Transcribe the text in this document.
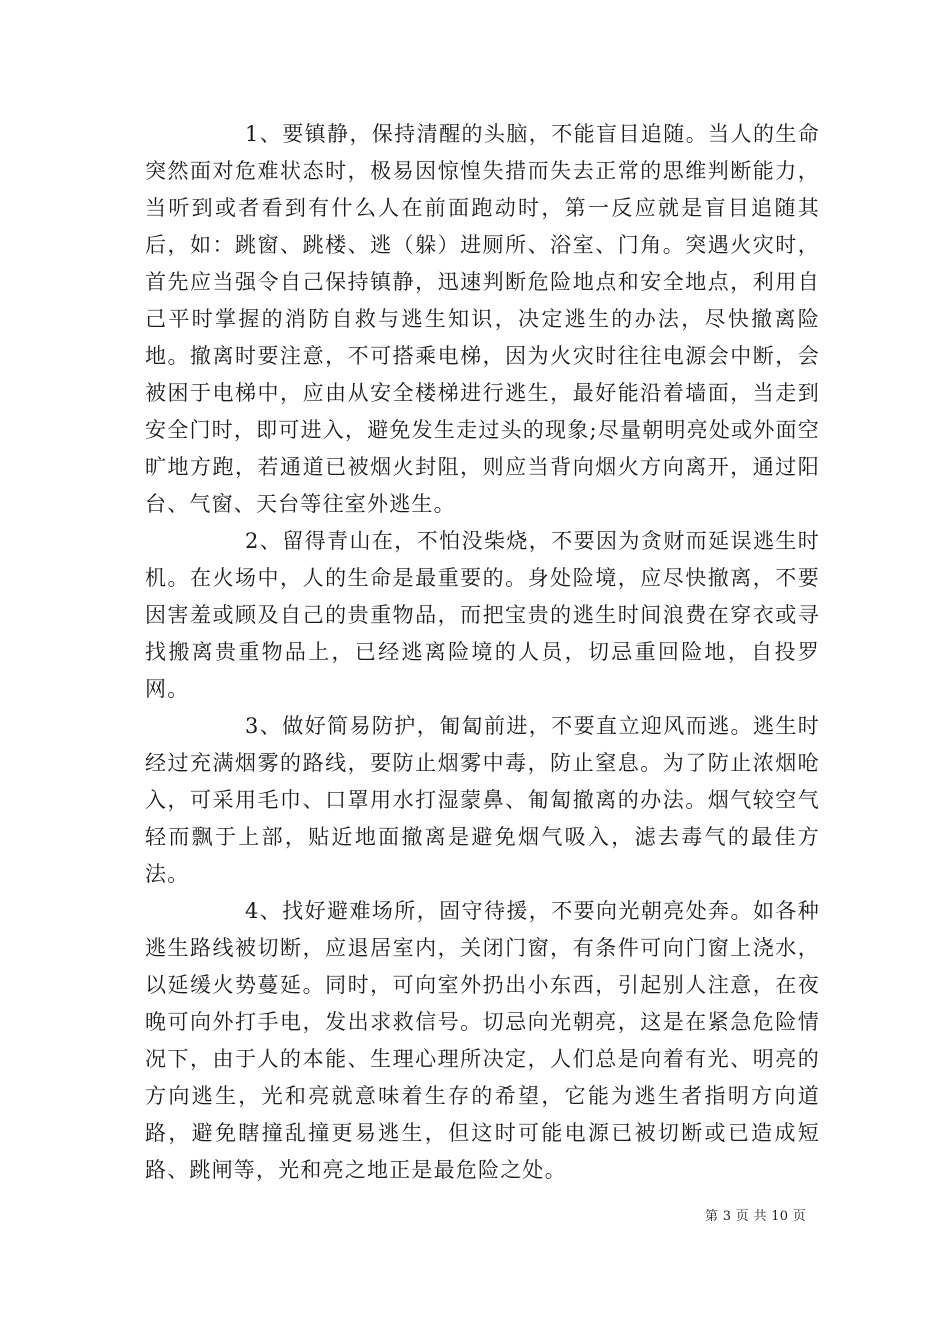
1、要镇静，保持清醒的头脑，不能盲目追随。当人的生命突然面对危难状态时，极易因惊惶失措而失去正常的思维判断能力，当听到或者看到有什么人在前面跑动时，第一反应就是盲目追随其后，如：跳窗、跳楼、逃（躲）进厕所、浴室、门角。突遇火灾时，首先应当强令自己保持镇静，迅速判断危险地点和安全地点，利用自己平时掌握的消防自救与逃生知识，决定逃生的办法，尽快撤离险地。撤离时要注意，不可搭乘电梯，因为火灾时往往电源会中断，会被困于电梯中，应由从安全楼梯进行逃生，最好能沿着墙面，当走到安全门时，即可进入，避免发生走过头的现象;尽量朝明亮处或外面空旷地方跑，若通道已被烟火封阻，则应当背向烟火方向离开，通过阳台、气窗、天台等往室外逃生。

2、留得青山在，不怕没柴烧，不要因为贪财而延误逃生时机。在火场中，人的生命是最重要的。身处险境，应尽快撤离，不要因害羞或顾及自己的贵重物品，而把宝贵的逃生时间浪费在穿衣或寻找搬离贵重物品上，已经逃离险境的人员，切忌重回险地，自投罗网。

3、做好简易防护，匍匐前进，不要直立迎风而逃。逃生时经过充满烟雾的路线，要防止烟雾中毒，防止窒息。为了防止浓烟呛入，可采用毛巾、口罩用水打湿蒙鼻、匍匐撤离的办法。烟气较空气轻而飘于上部，贴近地面撤离是避免烟气吸入，滤去毒气的最佳方法。

4、找好避难场所，固守待援，不要向光朝亮处奔。如各种逃生路线被切断，应退居室内，关闭门窗，有条件可向门窗上浇水，以延缓火势蔓延。同时，可向室外扔出小东西，引起别人注意，在夜晚可向外打手电，发出求救信号。切忌向光朝亮，这是在紧急危险情况下，由于人的本能、生理心理所决定，人们总是向着有光、明亮的方向逃生，光和亮就意味着生存的希望，它能为逃生者指明方向道路，避免瞎撞乱撞更易逃生，但这时可能电源已被切断或已造成短路、跳闸等，光和亮之地正是最危险之处。

第 3 页 共 10 页
